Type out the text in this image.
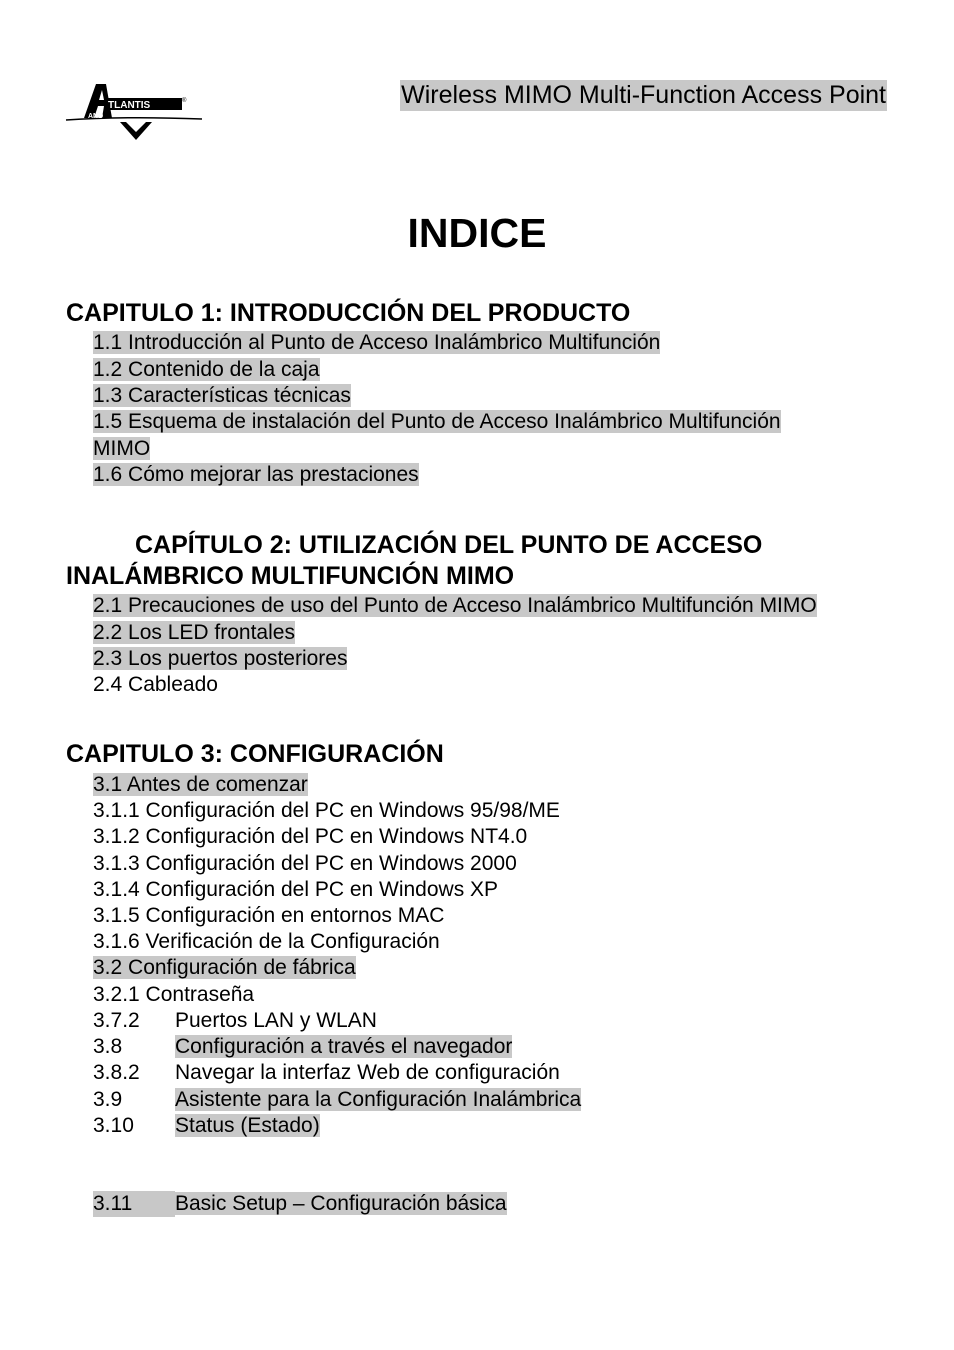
TLANTIS	®
AND
Wireless MIMO Multi-Function Access Point
INDICE
CAPITULO 1: INTRODUCCIÓN DEL PRODUCTO
1.1 Introducción al Punto de Acceso Inalámbrico Multifunción
1.2 Contenido de la caja
1.3 Características técnicas
1.5 Esquema de instalación del Punto de Acceso Inalámbrico Multifunción
MIMO
1.6 Cómo mejorar las prestaciones
CAPÍTULO 2: UTILIZACIÓN DEL PUNTO DE ACCESO INALÁMBRICO MULTIFUNCIÓN MIMO
2.1 Precauciones de uso del Punto de Acceso Inalámbrico Multifunción MIMO
2.2 Los LED frontales
2.3 Los puertos posteriores
2.4 Cableado
CAPITULO 3: CONFIGURACIÓN
3.1 Antes de comenzar
3.1.1 Configuración del PC en Windows 95/98/ME
3.1.2 Configuración del PC en Windows NT4.0
3.1.3 Configuración del PC en Windows 2000
3.1.4 Configuración del PC en Windows XP
3.1.5 Configuración en entornos MAC
3.1.6 Verificación de la Configuración
3.2 Configuración de fábrica
3.2.1 Contraseña
3.7.2 Puertos LAN y WLAN
3.8	Configuración a través el navegador
3.8.2 Navegar la interfaz Web de configuración
3.9	Asistente para la Configuración Inalámbrica
3.10 Status (Estado)
3.11 Basic Setup – Configuración básica
